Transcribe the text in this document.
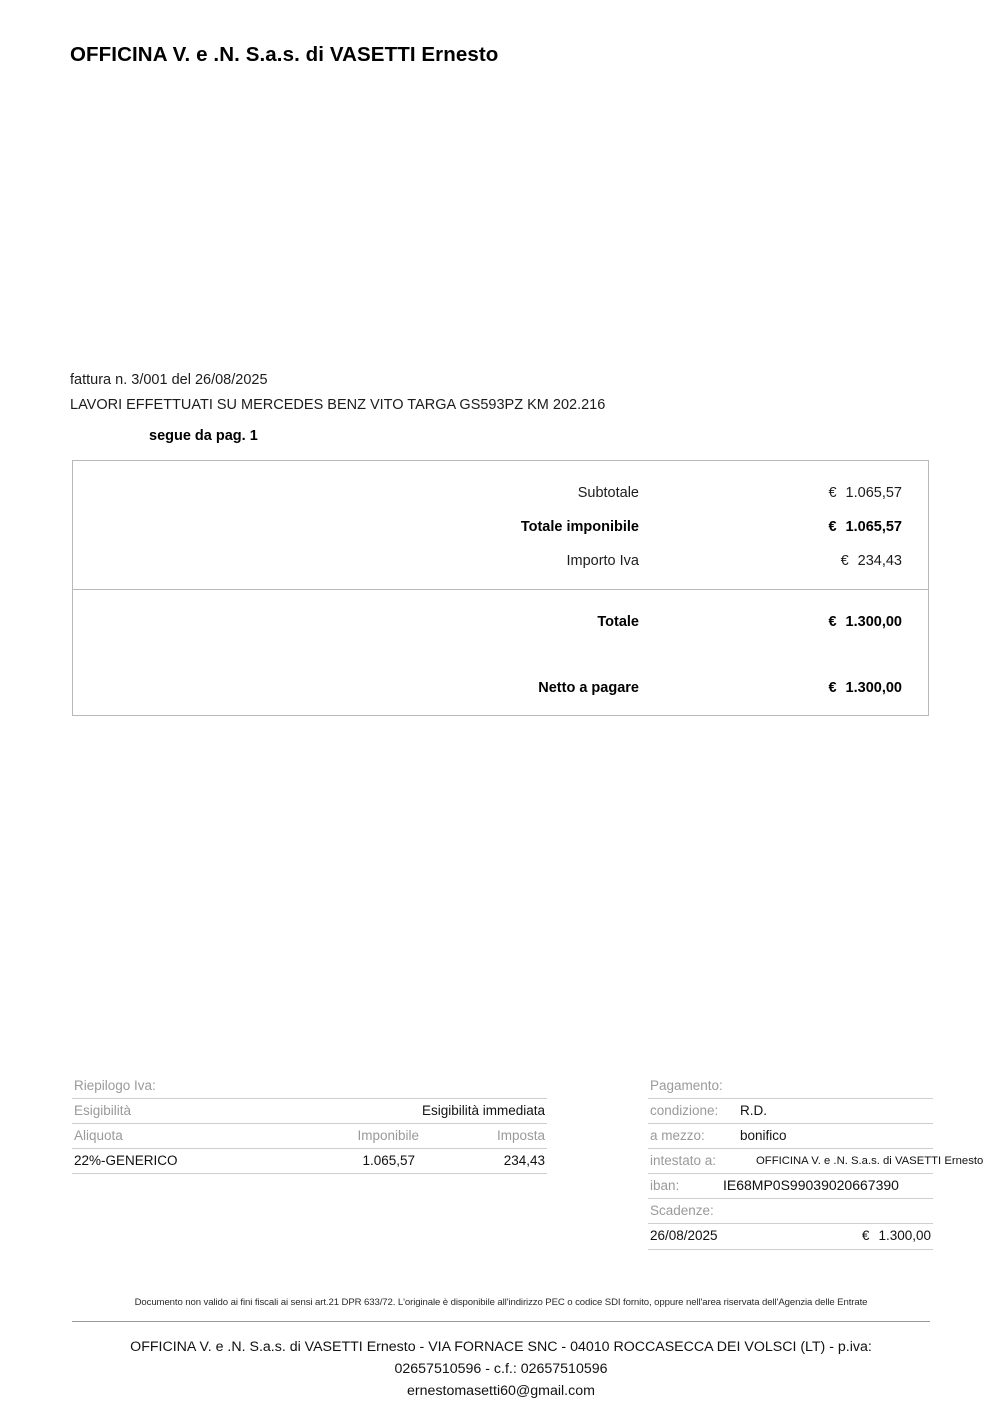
OFFICINA V. e .N. S.a.s. di VASETTI Ernesto
fattura n. 3/001 del 26/08/2025
LAVORI EFFETTUATI SU MERCEDES BENZ VITO TARGA GS593PZ KM 202.216
segue da pag. 1
Subtotale	€ 1.065,57
Totale imponibile	€ 1.065,57
Importo Iva	€ 234,43
Totale	€ 1.300,00
Netto a pagare	€ 1.300,00
Riepilogo Iva:
Esigibilità	Esigibilità immediata
Aliquota	Imponibile	Imposta
22%-GENERICO	1.065,57	234,43
Pagamento:
condizione: R.D.
a mezzo:	bonifico
intestato a:	OFFICINA V. e .N. S.a.s. di VASETTI Ernesto
iban:	IE68MP0S99039020667390
Scadenze:
26/08/2025	€ 1.300,00
Documento non valido ai fini fiscali ai sensi art.21 DPR 633/72. L'originale è disponibile all'indirizzo PEC o codice SDI fornito, oppure nell'area riservata dell'Agenzia delle Entrate
OFFICINA V. e .N. S.a.s. di VASETTI Ernesto - VIA FORNACE SNC - 04010 ROCCASECCA DEI VOLSCI (LT) - p.iva:
02657510596 - c.f.: 02657510596
ernestomasetti60@gmail.com
